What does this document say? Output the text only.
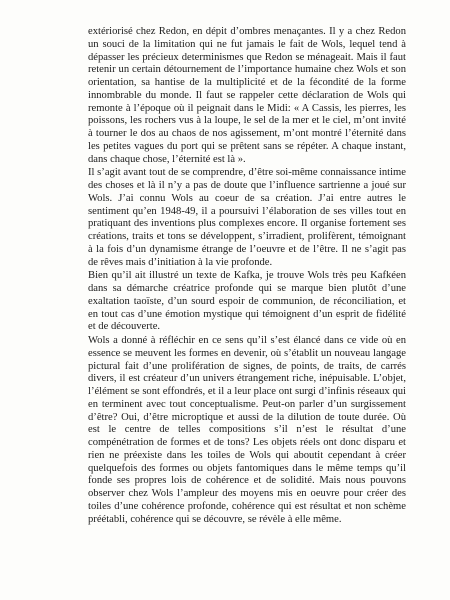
extériorisé chez Redon, en dépit d’ombres menaçantes. Il y a chez Redon un souci de la limitation qui ne fut jamais le fait de Wols, lequel tend à dépasser les précieux determinismes que Redon se ménageait. Mais il faut retenir un certain détournement de l’importance humaine chez Wols et son orientation, sa hantise de la multiplicité et de la fécondité de la forme innombrable du monde. Il faut se rappeler cette déclaration de Wols qui remonte à l’époque où il peignait dans le Midi: « A Cassis, les pierres, les poissons, les rochers vus à la loupe, le sel de la mer et le ciel, m’ont invité à tourner le dos au chaos de nos agissement, m’ont montré l’éternité dans les petites vagues du port qui se prêtent sans se répéter. A chaque instant, dans chaque chose, l’éternité est là ».

Il s’agit avant tout de se comprendre, d’être soi-même connaissance intime des choses et là il n’y a pas de doute que l’influence sartrienne a joué sur Wols. J’ai connu Wols au coeur de sa création. J’ai entre autres le sentiment qu’en 1948-49, il a poursuivi l’élaboration de ses villes tout en pratiquant des inventions plus complexes encore. Il organise fortement ses créations, traits et tons se développent, s’irradient, prolifèrent, témoignant à la fois d’un dynamisme étrange de l’oeuvre et de l’être. Il ne s’agit pas de rêves mais d’initiation à la vie profonde.

Bien qu’il ait illustré un texte de Kafka, je trouve Wols très peu Kafkéen dans sa démarche créatrice profonde qui se marque bien plutôt d’une exaltation taoïste, d’un sourd espoir de communion, de réconciliation, et en tout cas d’une émotion mystique qui témoignent d’un esprit de fidélité et de découverte.

Wols a donné à réfléchir en ce sens qu’il s’est élancé dans ce vide où en essence se meuvent les formes en devenir, où s’établit un nouveau langage pictural fait d’une prolifération de signes, de points, de traits, de carrés divers, il est créateur d’un univers étrangement riche, inépuisable. L’objet, l’élément se sont effondrés, et il a leur place ont surgi d’infinis réseaux qui en terminent avec tout conceptualisme. Peut-on parler d’un surgissement d’être? Oui, d’être microptique et aussi de la dilution de toute durée. Où est le centre de telles compositions s’il n’est le résultat d’une compénétration de formes et de tons? Les objets réels ont donc disparu et rien ne préexiste dans les toiles de Wols qui aboutit cependant à créer quelquefois des formes ou objets fantomiques dans le même temps qu’il fonde ses propres lois de cohérence et de solidité. Mais nous pouvons observer chez Wols l’ampleur des moyens mis en oeuvre pour créer des toiles d’une cohérence profonde, cohérence qui est résultat et non schème préétabli, cohérence qui se découvre, se révèle à elle même.
